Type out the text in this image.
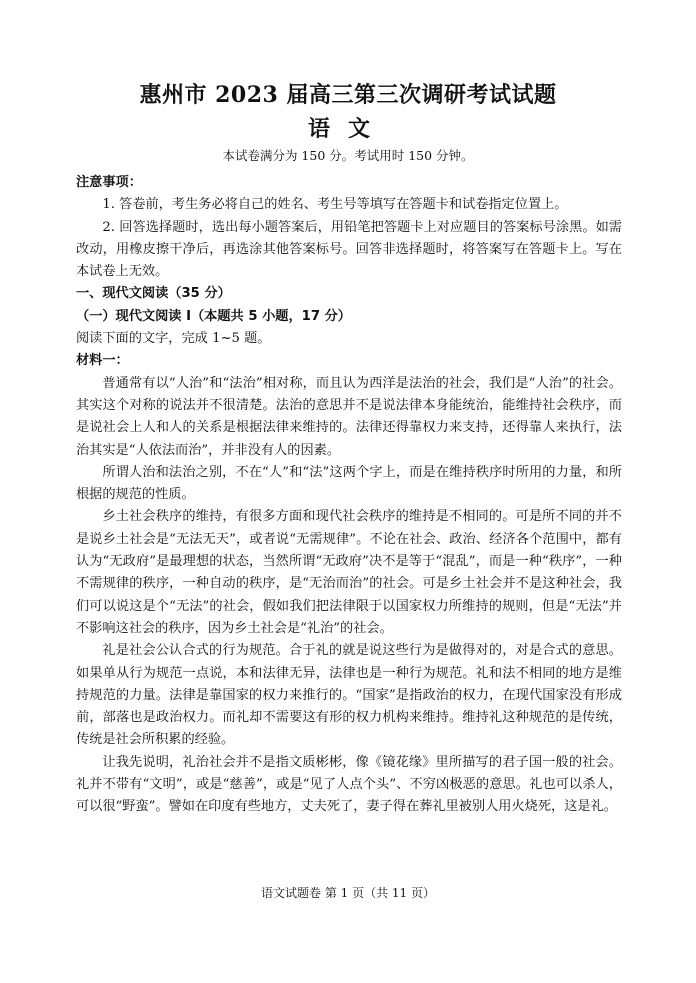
惠州市 2023 届高三第三次调研考试试题
语文
本试卷满分为 150 分。考试用时 150 分钟。

注意事项：

1. 答卷前，考生务必将自己的姓名、考生号等填写在答题卡和试卷指定位置上。

2. 回答选择题时，选出每小题答案后，用铅笔把答题卡上对应题目的答案标号涂黑。如需改动，用橡皮擦干净后，再选涂其他答案标号。回答非选择题时，将答案写在答题卡上。写在本试卷上无效。

一、现代文阅读（35 分）

（一）现代文阅读 I（本题共 5 小题，17 分）

阅读下面的文字，完成 1~5 题。

材料一：

普通常有以“人治”和“法治”相对称，而且认为西洋是法治的社会，我们是“人治”的社会。其实这个对称的说法并不很清楚。法治的意思并不是说法律本身能统治，能维持社会秩序，而是说社会上人和人的关系是根据法律来维持的。法律还得靠权力来支持，还得靠人来执行，法治其实是“人依法而治”，并非没有人的因素。

所谓人治和法治之别，不在“人”和“法”这两个字上，而是在维持秩序时所用的力量，和所根据的规范的性质。

乡土社会秩序的维持，有很多方面和现代社会秩序的维持是不相同的。可是所不同的并不是说乡土社会是“无法无天”，或者说“无需规律”。不论在社会、政治、经济各个范围中，都有认为“无政府”是最理想的状态，当然所谓“无政府”决不是等于“混乱”，而是一种“秩序”，一种不需规律的秩序，一种自动的秩序，是“无治而治”的社会。可是乡土社会并不是这种社会，我们可以说这是个“无法”的社会，假如我们把法律限于以国家权力所维持的规则，但是“无法”并不影响这社会的秩序，因为乡土社会是“礼治”的社会。

礼是社会公认合式的行为规范。合于礼的就是说这些行为是做得对的，对是合式的意思。如果单从行为规范一点说，本和法律无异，法律也是一种行为规范。礼和法不相同的地方是维持规范的力量。法律是靠国家的权力来推行的。“国家”是指政治的权力，在现代国家没有形成前，部落也是政治权力。而礼却不需要这有形的权力机构来维持。维持礼这种规范的是传统，传统是社会所积累的经验。

让我先说明，礼治社会并不是指文质彬彬，像《镜花缘》里所描写的君子国一般的社会。礼并不带有“文明”，或是“慈善”，或是“见了人点个头”、不穷凶极恶的意思。礼也可以杀人，可以很“野蛮”。譬如在印度有些地方，丈夫死了，妻子得在葬礼里被别人用火烧死，这是礼。

语文试题卷 第 1 页（共 11 页）
